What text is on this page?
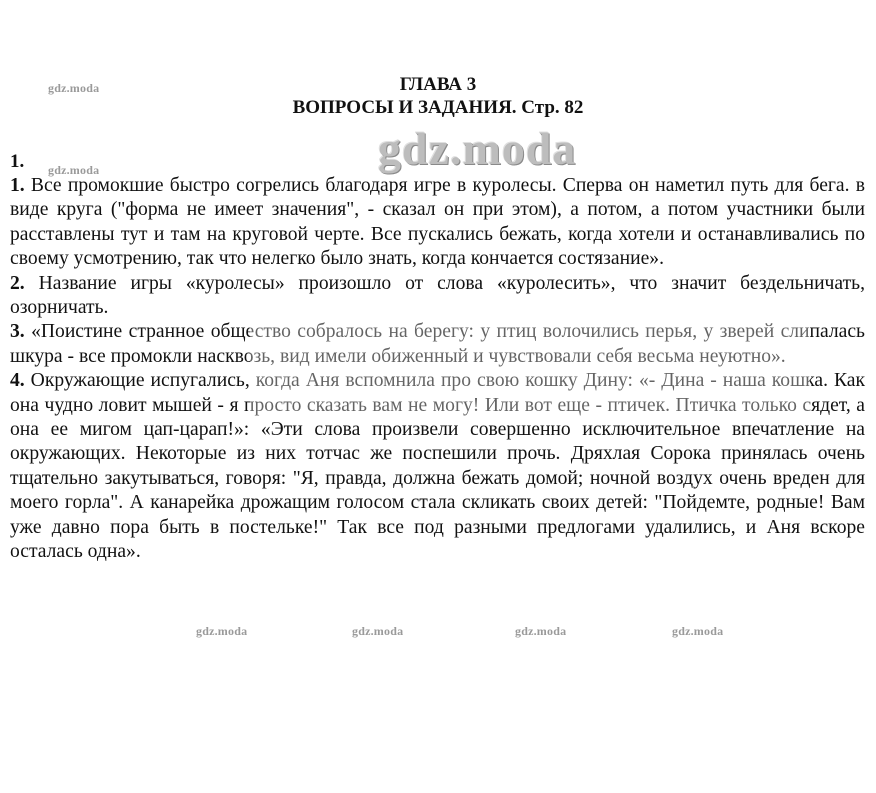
gdz.moda
gdz.moda	gdz.moda
ГЛАВА 3
ВОПРОСЫ И ЗАДАНИЯ. Стр. 82
1.

1. Все промокшие быстро согрелись благодаря игре в куролесы. Сперва он наметил путь для бега. в виде круга ("форма не имеет значения", - сказал он при этом), а потом, а потом участники были расставлены тут и там на круговой черте. Все пускались бежать, когда хотели и останавливались по своему усмотрению, так что нелегко было знать, когда кончается состязание».

2. Название игры «куролесы» произошло от слова «куролесить», что значит бездельничать, озорничать.

3. «Поистине странное общество собралось на берегу: у птиц волочились перья, у зверей слипалась шкура - все промокли насквозь, вид имели обиженный и чувствовали себя весьма неуютно».

4. Окружающие испугались, когда Аня вспомнила про свою кошку Дину: «- Дина - наша кошка. Как она чудно ловит мышей - я просто сказать вам не могу! Или вот еще - птичек. Птичка только сядет, а она ее мигом цап-царап!»: «Эти слова произвели совершенно исключительное впечатление на окружающих. Некоторые из них тотчас же поспешили прочь. Дряхлая Сорока принялась очень тщательно закутываться, говоря: "Я, правда, должна бежать домой; ночной воздух очень вреден для моего горла". А канарейка дрожащим голосом стала скликать своих детей: "Пойдемте, родные! Вам уже давно пора быть в постельке!" Так все под разными предлогами удалились, и Аня вскоре осталась одна».

gdz.moda	gdz.moda	gdz.moda	gdz.moda
